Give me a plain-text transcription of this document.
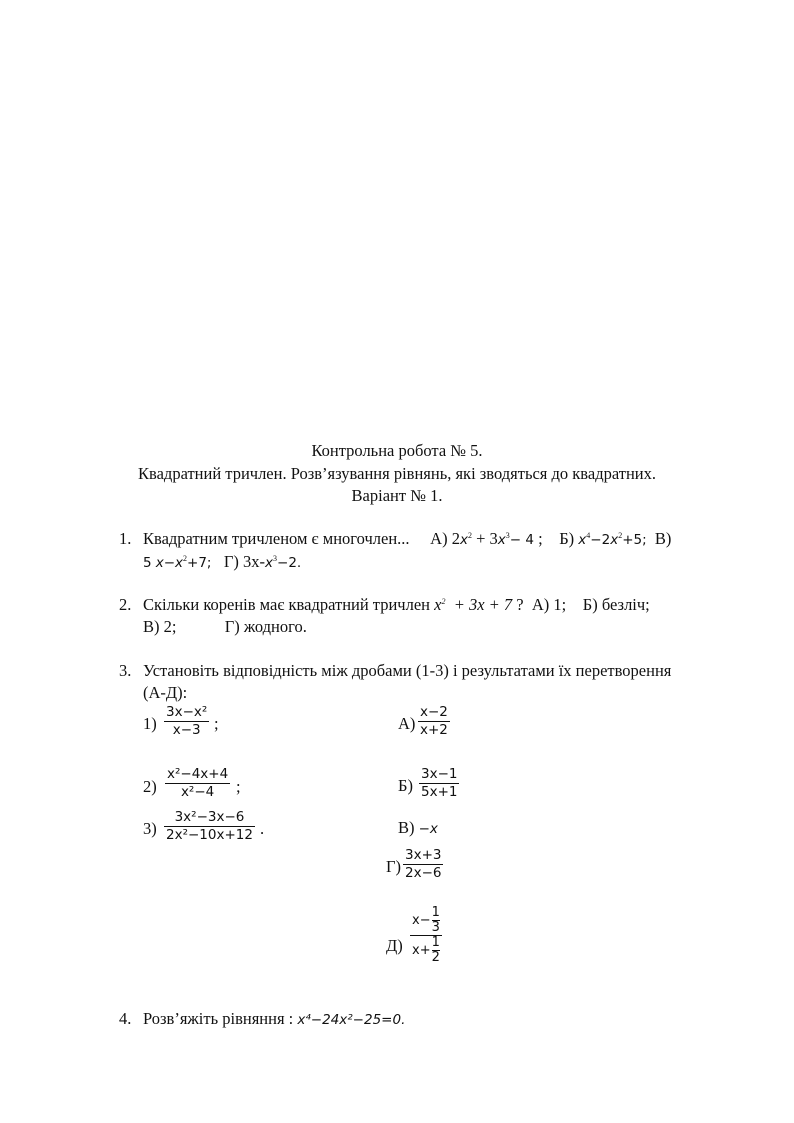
Контрольна робота № 5.
Квадратний тричлен. Розв’язування рівнянь, які зводяться до квадратних.
Варіант № 1.
1. Квадратним тричленом є многочлен... А) $2x^2 + 3x^3- 4$ ; Б) $x^4-2x^2+5$; В)
5 $x-x^2+7$; Г) $3х-x^3-2$.
2. Скільки коренів має квадратний тричлен $x^2 + 3x + 7$ ? А) 1; Б) безліч;
В) 2;	Г) жодного.
3. Установіть відповідність між дробами (1-3) і результатами їх перетворення
(А-Д):
1)
3x−x²
x−3 ;
2)
x²−4x+4
x²−4	;
3)
3x²−3x−6
2x²−10x+12 .
А)
x−2
x+2
Б)
3x−1
5x+1
В) −x
Г)
3x+3
2x−6
Д)
x−
1
3
x+
1
2
4. Розв’яжіть рівняння : x⁴−24x²−25=0.
